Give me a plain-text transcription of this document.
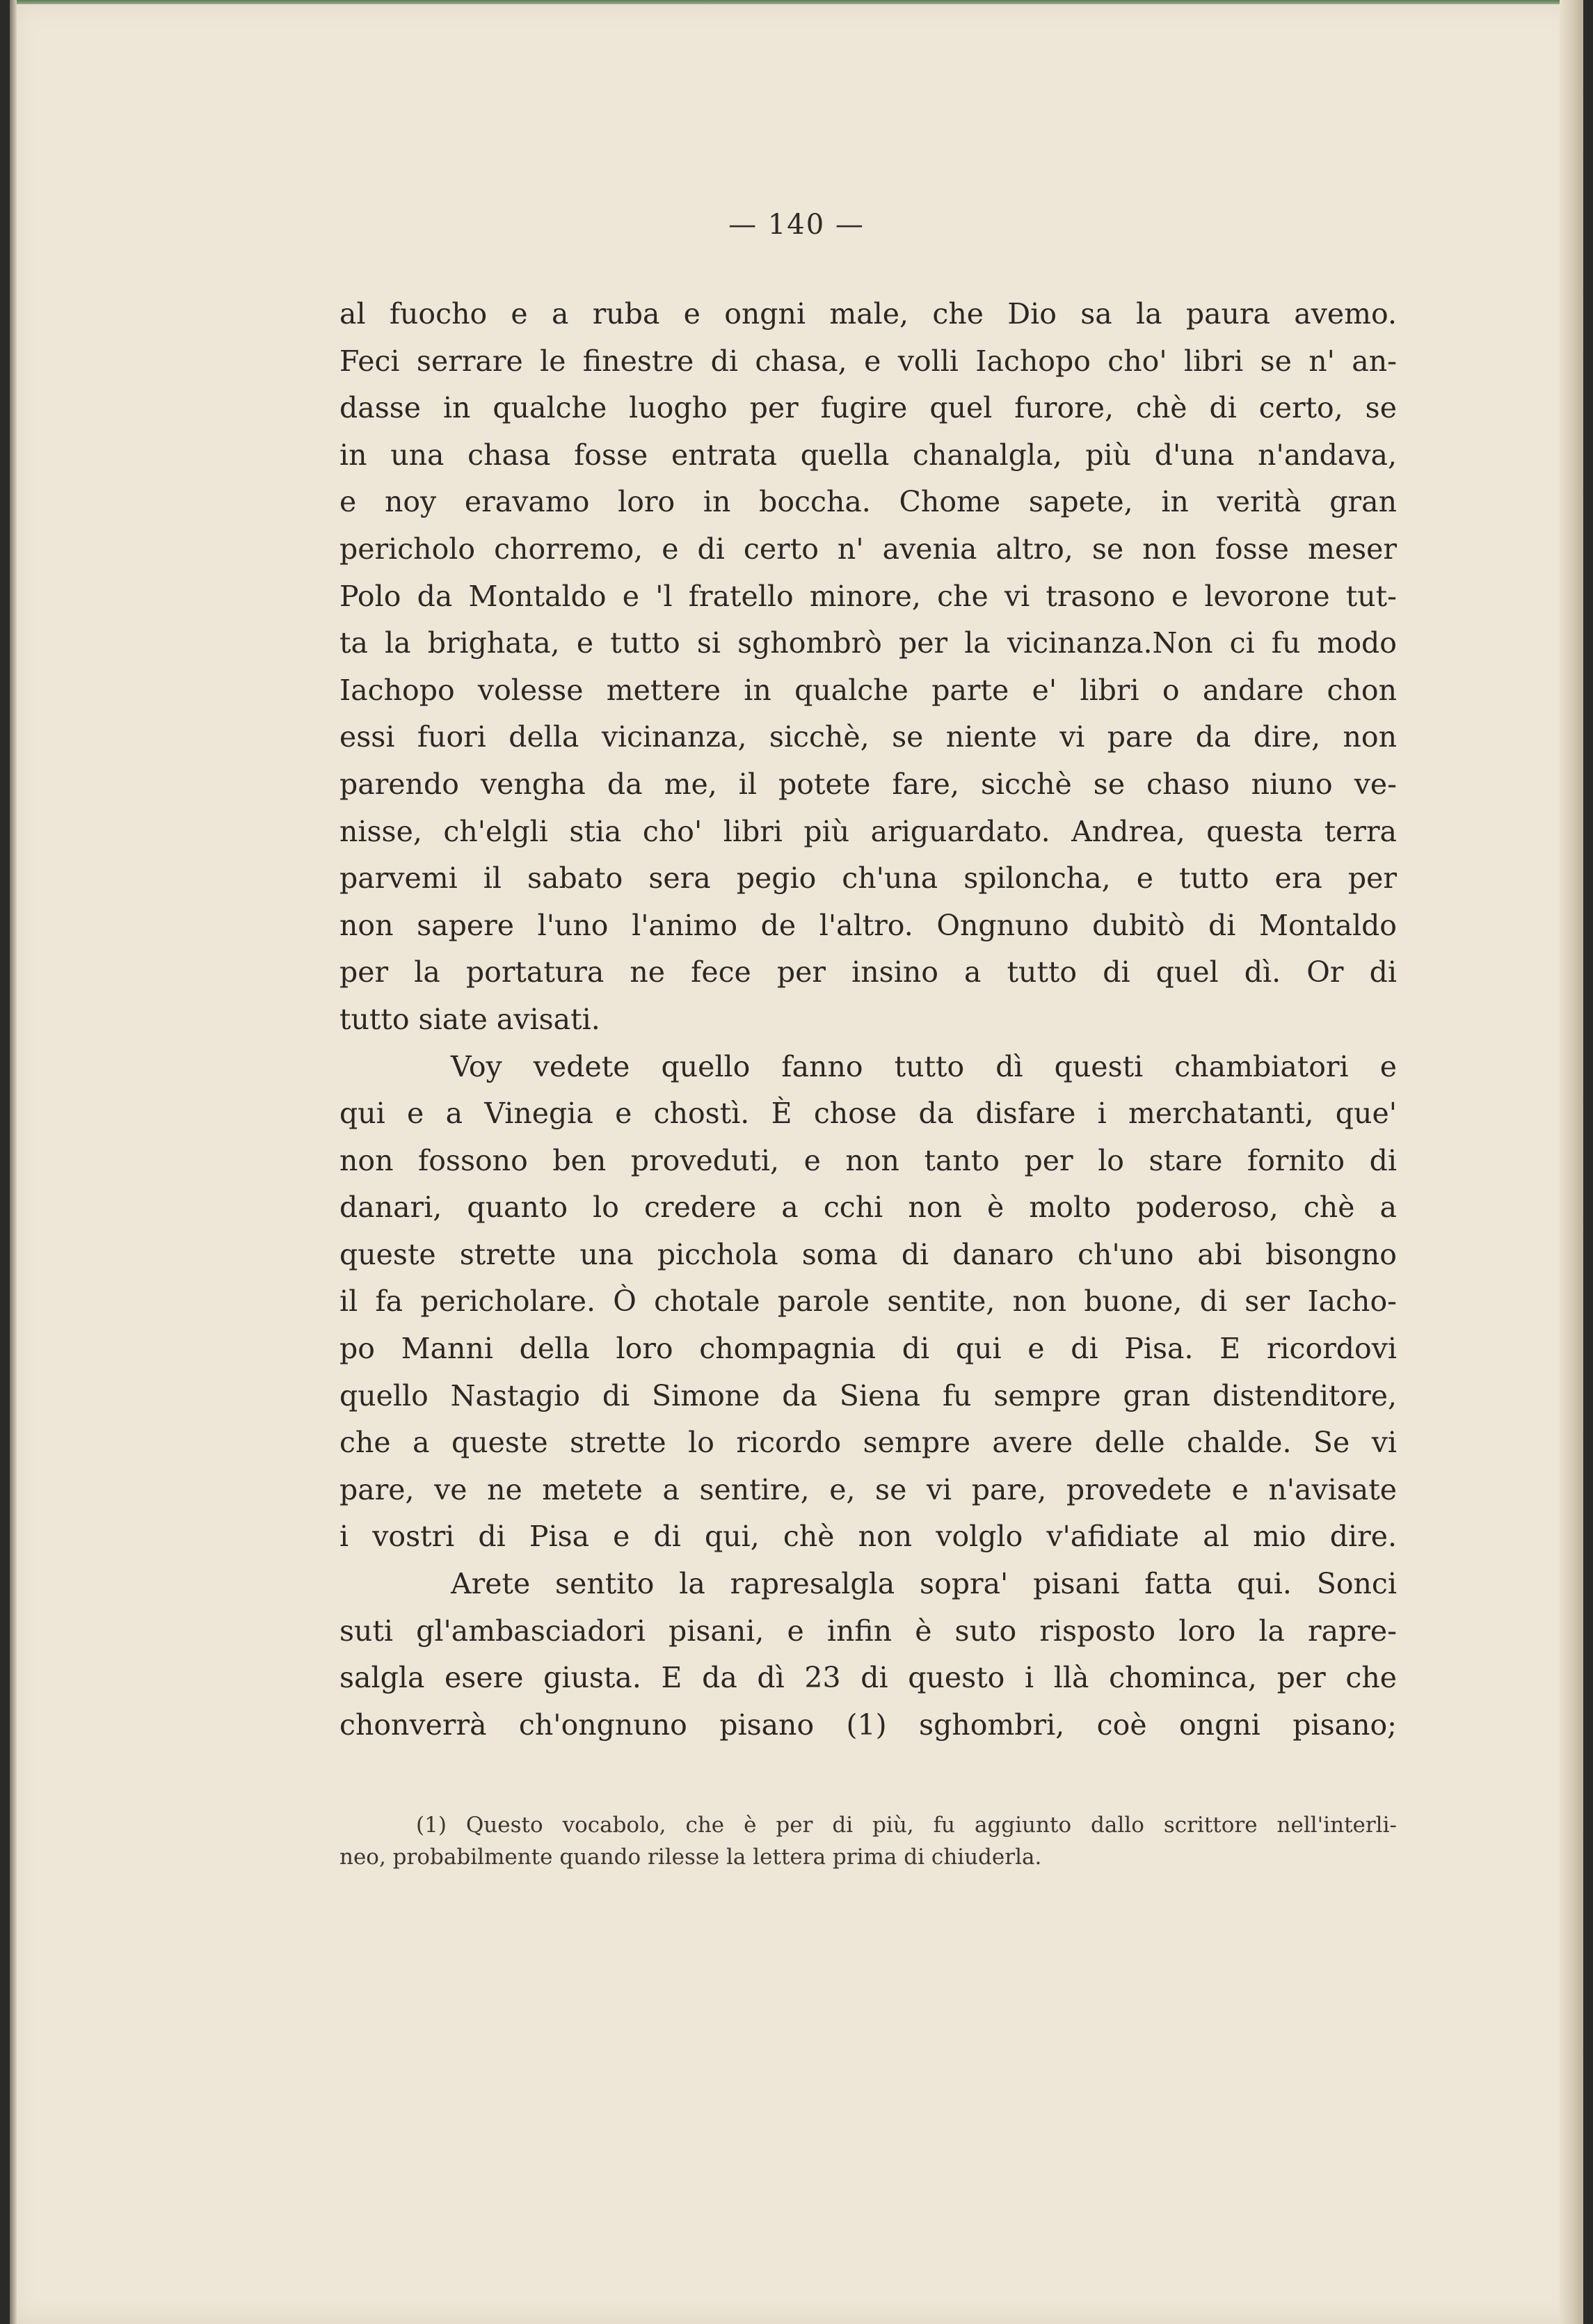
— 140 —
al fuocho e a ruba e ongni male, che Dio sa la paura avemo.
Feci serrare le finestre di chasa, e volli Iachopo cho' libri se n' an-
dasse in qualche luogho per fugire quel furore, chè di certo, se
in una chasa fosse entrata quella chanalgla, più d'una n'andava,
e noy eravamo loro in boccha. Chome sapete, in verità gran
pericholo chorremo, e di certo n' avenia altro, se non fosse meser
Polo da Montaldo e 'l fratello minore, che vi trasono e levorone tut-
ta la brighata, e tutto si sghombrò per la vicinanza.Non ci fu modo
Iachopo volesse mettere in qualche parte e' libri o andare chon
essi fuori della vicinanza, sicchè, se niente vi pare da dire, non
parendo vengha da me, il potete fare, sicchè se chaso niuno ve-
nisse, ch'elgli stia cho' libri più ariguardato. Andrea, questa terra
parvemi il sabato sera pegio ch'una spiloncha, e tutto era per
non sapere l'uno l'animo de l'altro. Ongnuno dubitò di Montaldo
per la portatura ne fece per insino a tutto di quel dì. Or di
tutto siate avisati.
Voy vedete quello fanno tutto dì questi chambiatori e
qui e a Vinegia e chostì. È chose da disfare i merchatanti, que'
non fossono ben proveduti, e non tanto per lo stare fornito di
danari, quanto lo credere a cchi non è molto poderoso, chè a
queste strette una picchola soma di danaro ch'uno abi bisongno
il fa pericholare. Ò chotale parole sentite, non buone, di ser Iacho-
po Manni della loro chompagnia di qui e di Pisa. E ricordovi
quello Nastagio di Simone da Siena fu sempre gran distenditore,
che a queste strette lo ricordo sempre avere delle chalde. Se vi
pare, ve ne metete a sentire, e, se vi pare, provedete e n'avisate
i vostri di Pisa e di qui, chè non volglo v'afidiate al mio dire.
Arete sentito la rapresalgla sopra' pisani fatta qui. Sonci
suti gl'ambasciadori pisani, e infin è suto risposto loro la rapre-
salgla esere giusta. E da dì 23 di questo i llà chominca, per che
chonverrà ch'ongnuno pisano (1) sghombri, coè ongni pisano;
(1) Questo vocabolo, che è per di più, fu aggiunto dallo scrittore nell'interli-
neo, probabilmente quando rilesse la lettera prima di chiuderla.
